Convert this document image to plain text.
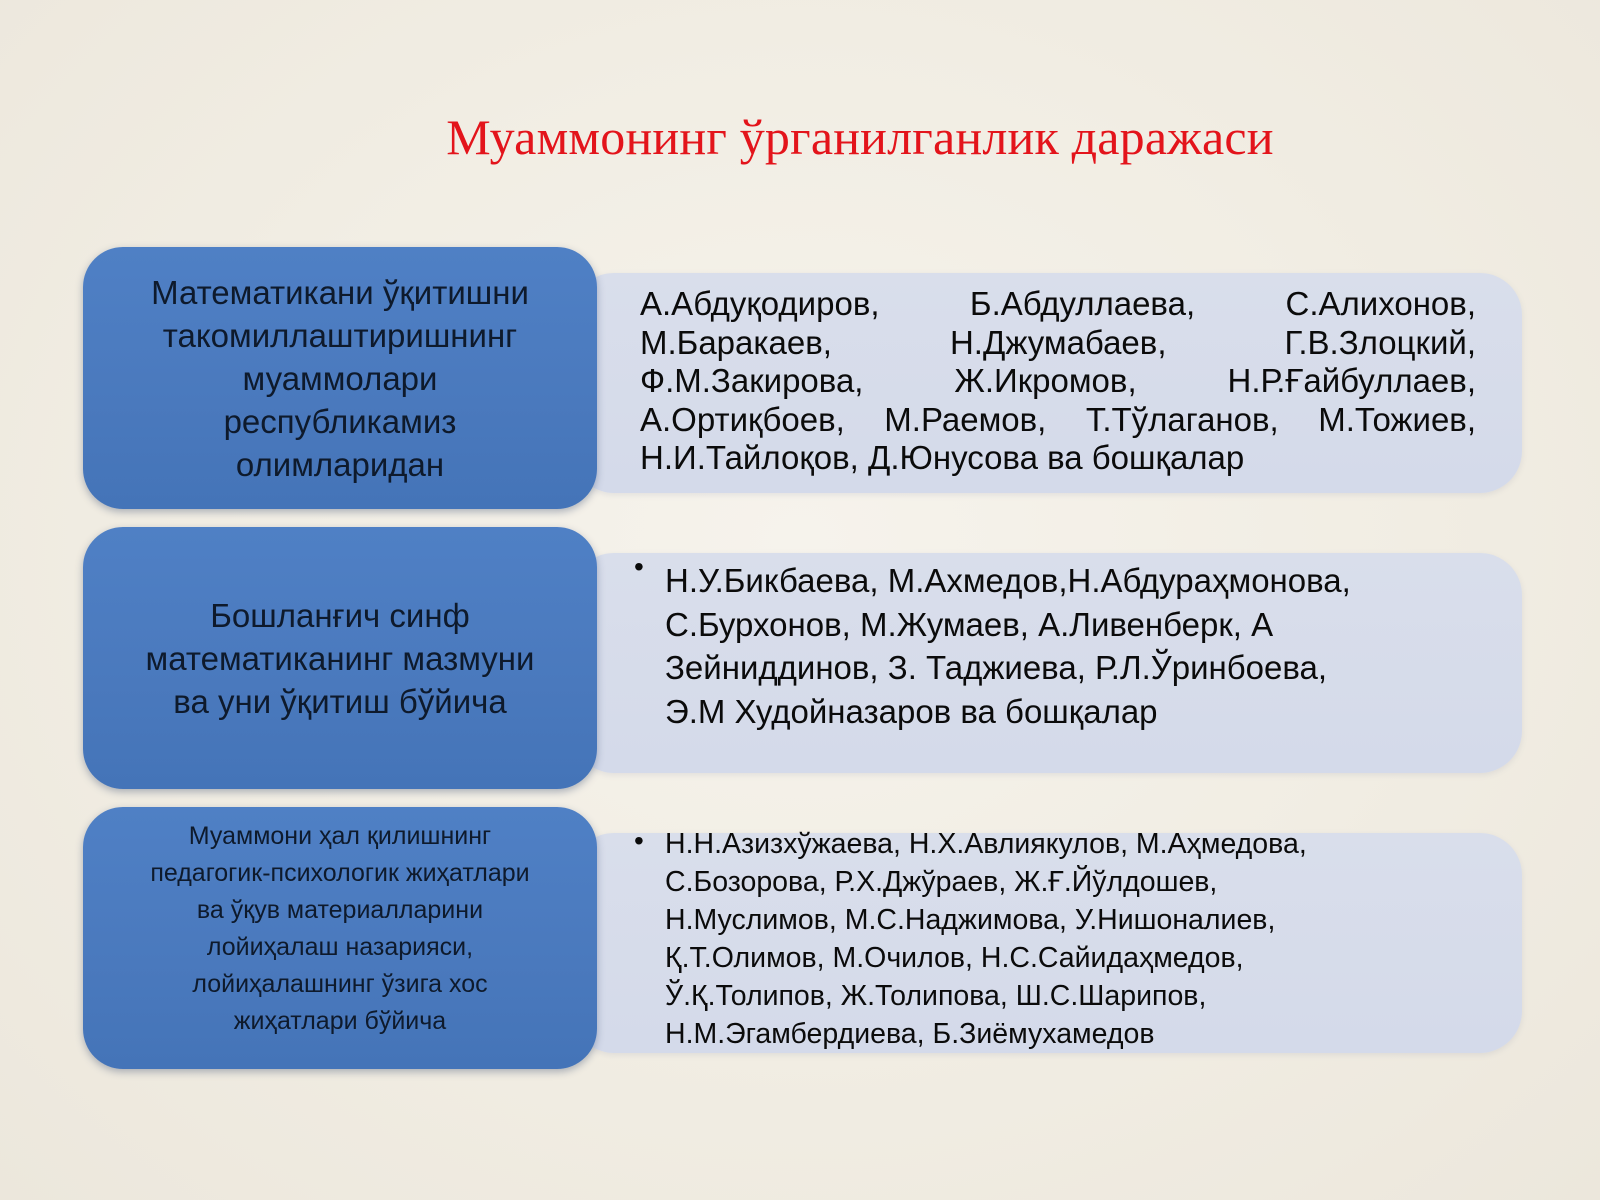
Муаммонинг ўрганилганлик даражаси
Математикани ўқитишни
такомиллаштиришнинг
муаммолари
республикамиз
олимларидан
А.Абдуқодиров, Б.Абдуллаева, С.Алихонов, М.Баракаев, Н.Джумабаев, Г.В.Злоцкий, Ф.М.Закирова, Ж.Икромов, Н.Р.Ғайбуллаев, А.Ортиқбоев, М.Раемов, Т.Тўлаганов, М.Тожиев, Н.И.Тайлоқов, Д.Юнусова ва бошқалар
Бошланғич синф
математиканинг мазмуни
ва уни ўқитиш бўйича
• Н.У.Бикбаева, М.Ахмедов,Н.Абдураҳмонова,
С.Бурхонов, М.Жумаев, А.Ливенберк, А
Зейниддинов, З. Таджиева, Р.Л.Ўринбоева,
Э.М Худойназаров ва бошқалар
Муаммони ҳал қилишнинг
педагогик-психологик жиҳатлари
ва ўқув материалларини
лойиҳалаш назарияси,
лойиҳалашнинг ўзига хос
жиҳатлари бўйича
• Н.Н.Азизхўжаева, Н.Х.Авлиякулов, М.Аҳмедова,
С.Бозорова, Р.Х.Джўраев, Ж.Ғ.Йўлдошев,
Н.Муслимов, М.С.Наджимова, У.Нишоналиев,
Қ.Т.Олимов, М.Очилов, Н.С.Сайидаҳмедов,
Ў.Қ.Толипов, Ж.Толипова, Ш.С.Шарипов,
Н.М.Эгамбердиева, Б.Зиёмухамедов
